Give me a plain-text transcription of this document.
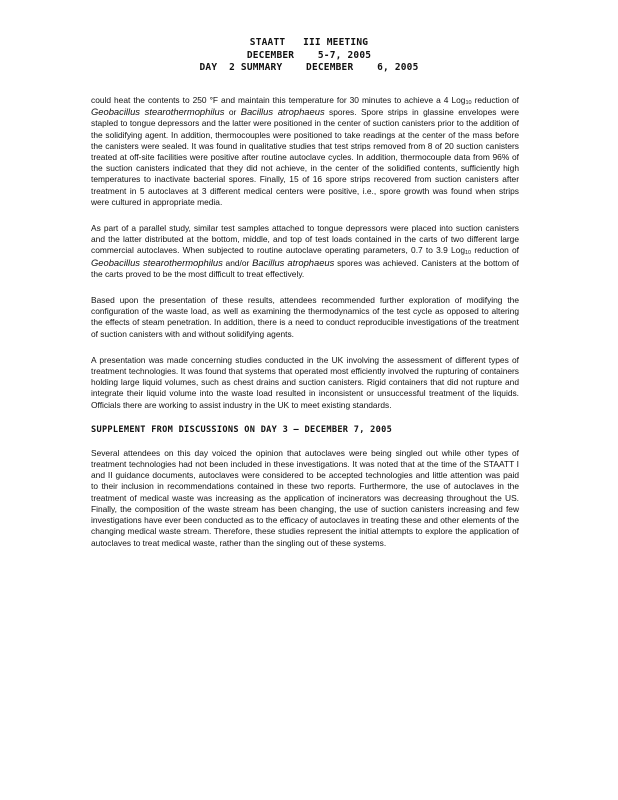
STAATT   III MEETING
DECEMBER    5-7, 2005
DAY  2 SUMMARY    DECEMBER    6, 2005

could heat the contents to 250 °F and maintain this temperature for 30 minutes to achieve a 4 Log$_{10}$ reduction of Geobacillus stearothermophilus or Bacillus atrophaeus spores. Spore strips in glassine envelopes were stapled to tongue depressors and the latter were positioned in the center of suction canisters prior to the addition of the solidifying agent. In addition, thermocouples were positioned to take readings at the center of the mass before the canisters were sealed. It was found in qualitative studies that test strips removed from 8 of 20 suction canisters treated at off-site facilities were positive after routine autoclave cycles. In addition, thermocouple data from 96% of the suction canisters indicated that they did not achieve, in the center of the solidified contents, sufficiently high temperatures to inactivate bacterial spores. Finally, 15 of 16 spore strips recovered from suction canisters after treatment in 5 autoclaves at 3 different medical centers were positive, i.e., spore growth was found when strips were cultured in appropriate media.

As part of a parallel study, similar test samples attached to tongue depressors were placed into suction canisters and the latter distributed at the bottom, middle, and top of test loads contained in the carts of two different large commercial autoclaves. When subjected to routine autoclave operating parameters, 0.7 to 3.9 Log$_{10}$ reduction of Geobacillus stearothermophilus and/or Bacillus atrophaeus spores was achieved. Canisters at the bottom of the carts proved to be the most difficult to treat effectively.

Based upon the presentation of these results, attendees recommended further exploration of modifying the configuration of the waste load, as well as examining the thermodynamics of the test cycle as opposed to altering the effects of steam penetration. In addition, there is a need to conduct reproducible investigations of the treatment of suction canisters with and without solidifying agents.

A presentation was made concerning studies conducted in the UK involving the assessment of different types of treatment technologies. It was found that systems that operated most efficiently involved the rupturing of containers holding large liquid volumes, such as chest drains and suction canisters. Rigid containers that did not rupture and integrate their liquid volume into the waste load resulted in inconsistent or unsuccessful treatment of the liquids. Officials there are working to assist industry in the UK to meet existing standards.

SUPPLEMENT FROM DISCUSSIONS ON DAY 3 – DECEMBER 7, 2005

Several attendees on this day voiced the opinion that autoclaves were being singled out while other types of treatment technologies had not been included in these investigations. It was noted that at the time of the STAATT I and II guidance documents, autoclaves were considered to be accepted technologies and little attention was paid to their inclusion in recommendations contained in these two reports. Furthermore, the use of autoclaves in the treatment of medical waste was increasing as the application of incinerators was decreasing throughout the US. Finally, the composition of the waste stream has been changing, the use of suction canisters increasing and few investigations have ever been conducted as to the efficacy of autoclaves in treating these and other elements of the changing medical waste stream. Therefore, these studies represent the initial attempts to explore the application of autoclaves to treat medical waste, rather than the singling out of these systems.
